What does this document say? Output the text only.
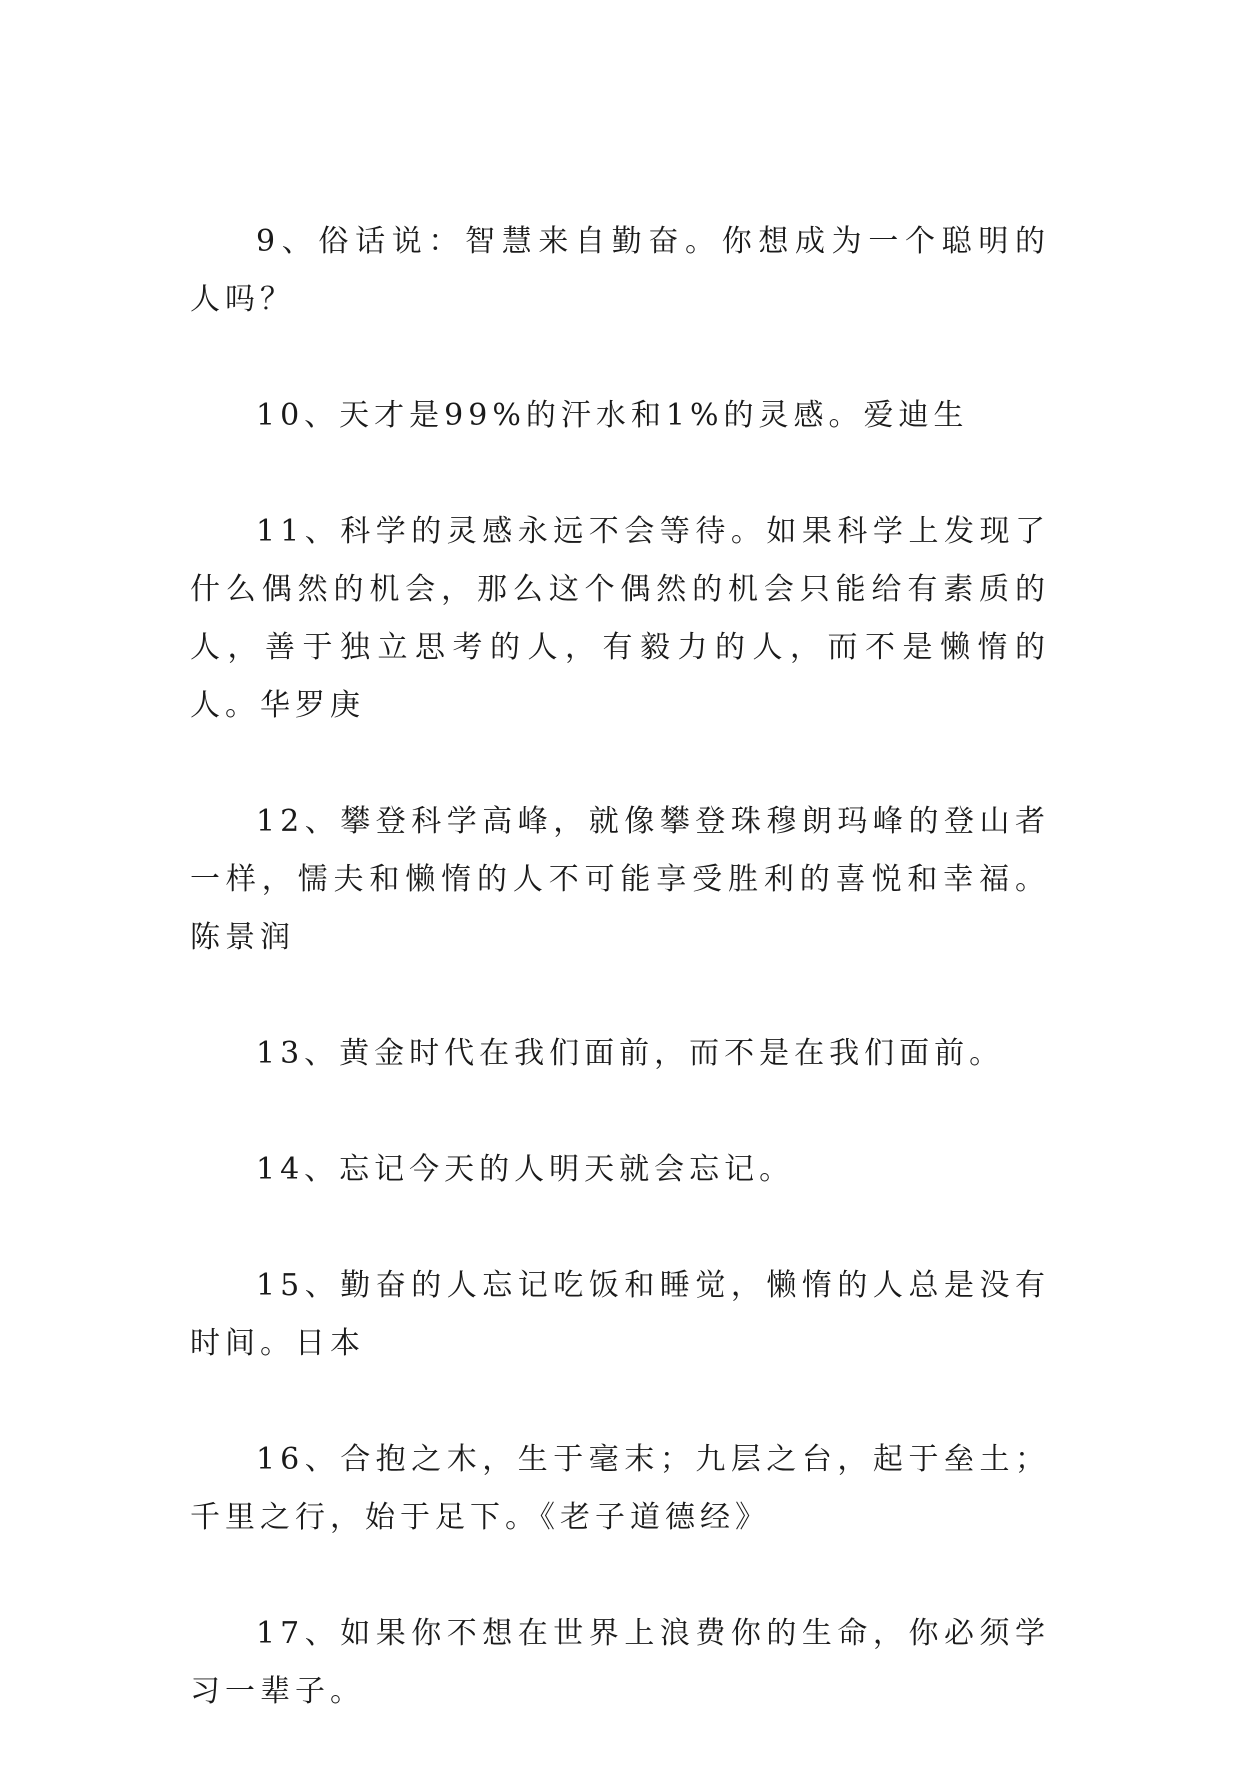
9、俗话说：智慧来自勤奋。你想成为一个聪明的人吗？

10、天才是99%的汗水和1%的灵感。爱迪生

11、科学的灵感永远不会等待。如果科学上发现了什么偶然的机会，那么这个偶然的机会只能给有素质的人，善于独立思考的人，有毅力的人，而不是懒惰的人。华罗庚

12、攀登科学高峰，就像攀登珠穆朗玛峰的登山者一样，懦夫和懒惰的人不可能享受胜利的喜悦和幸福。陈景润

13、黄金时代在我们面前，而不是在我们面前。

14、忘记今天的人明天就会忘记。

15、勤奋的人忘记吃饭和睡觉，懒惰的人总是没有时间。日本

16、合抱之木，生于毫末；九层之台，起于垒土；千里之行，始于足下。《老子道德经》

17、如果你不想在世界上浪费你的生命，你必须学习一辈子。
